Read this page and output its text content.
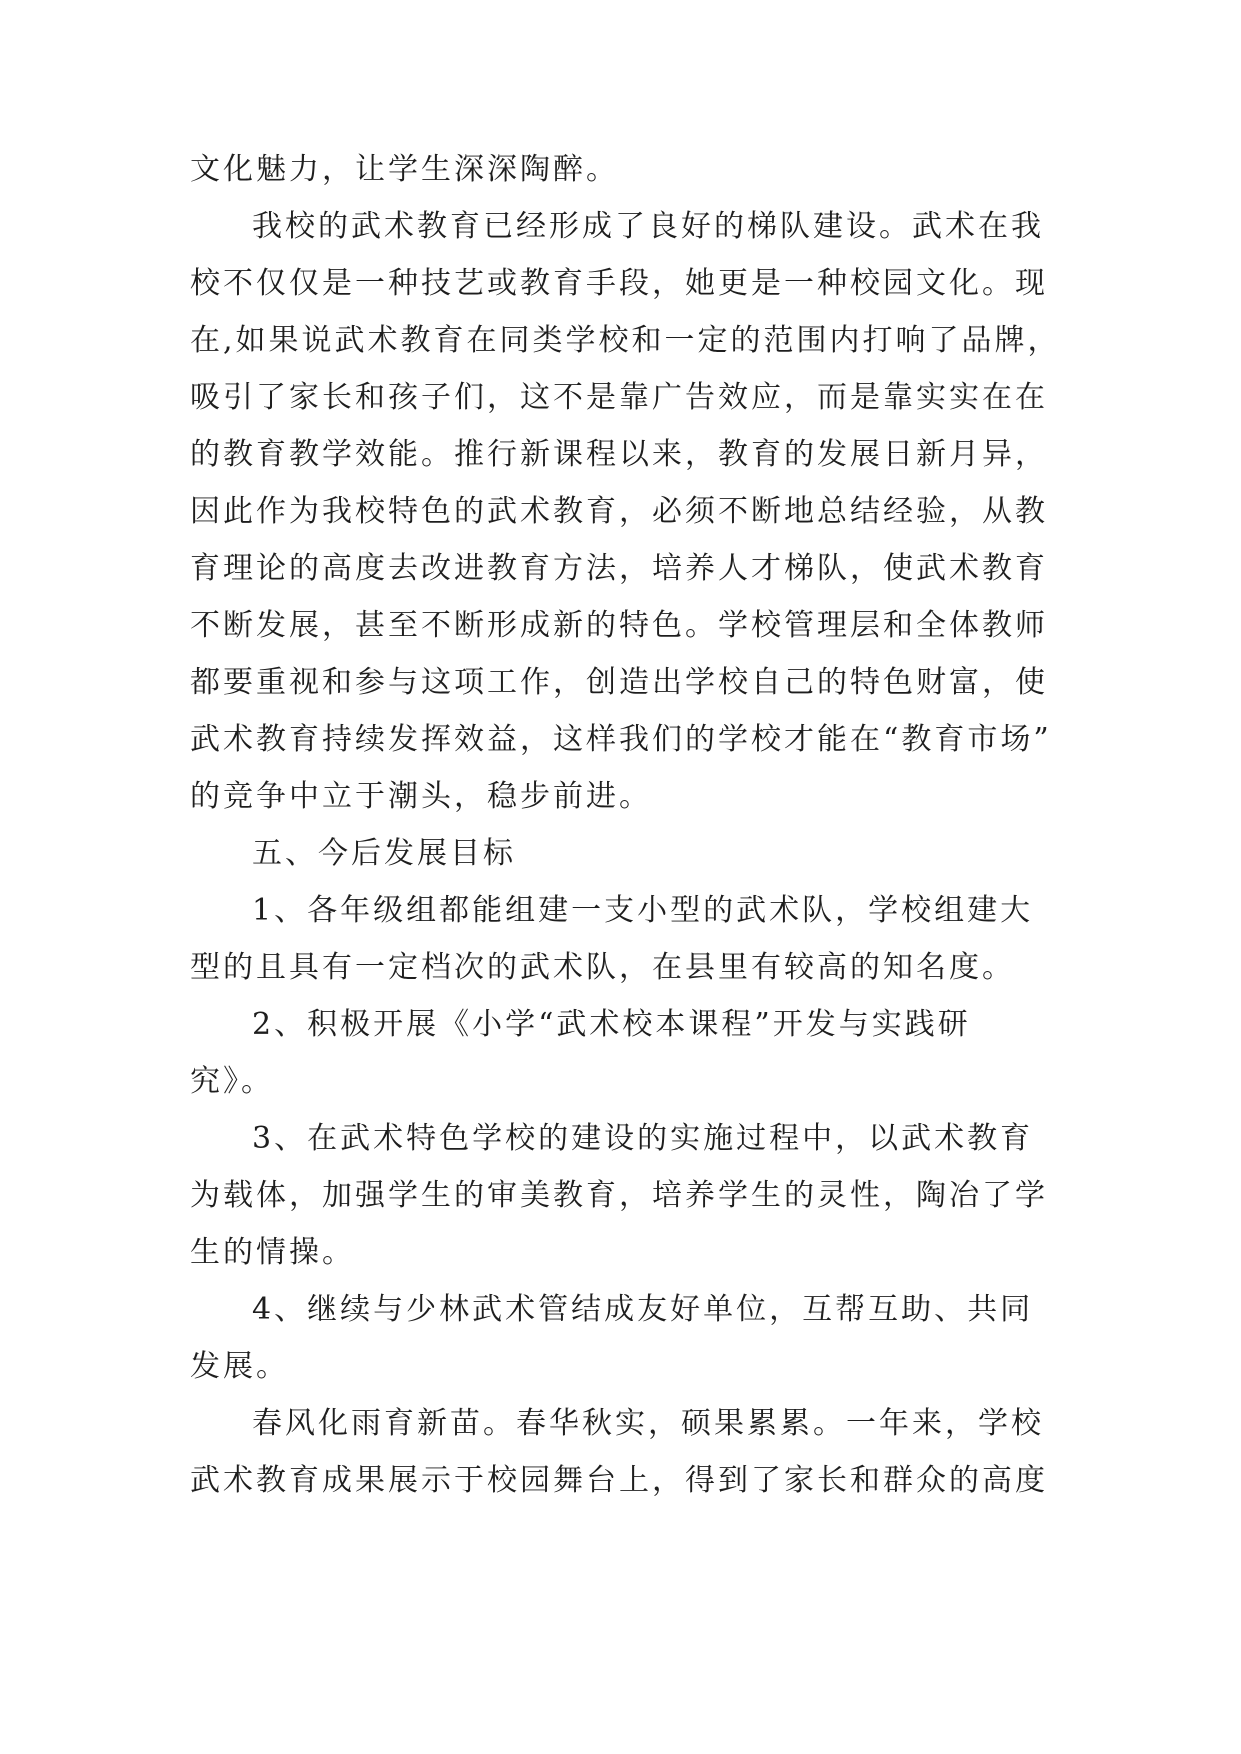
文化魅力，让学生深深陶醉。
我校的武术教育已经形成了良好的梯队建设。武术在我
校不仅仅是一种技艺或教育手段，她更是一种校园文化。现
在,如果说武术教育在同类学校和一定的范围内打响了品牌，
吸引了家长和孩子们，这不是靠广告效应，而是靠实实在在
的教育教学效能。推行新课程以来，教育的发展日新月异，
因此作为我校特色的武术教育，必须不断地总结经验，从教
育理论的高度去改进教育方法，培养人才梯队，使武术教育
不断发展，甚至不断形成新的特色。学校管理层和全体教师
都要重视和参与这项工作，创造出学校自己的特色财富，使
武术教育持续发挥效益，这样我们的学校才能在“教育市场”
的竞争中立于潮头，稳步前进。
五、今后发展目标
1、各年级组都能组建一支小型的武术队，学校组建大
型的且具有一定档次的武术队，在县里有较高的知名度。
2、积极开展《小学“武术校本课程”开发与实践研
究》。
3、在武术特色学校的建设的实施过程中，以武术教育
为载体，加强学生的审美教育，培养学生的灵性，陶冶了学
生的情操。
4、继续与少林武术管结成友好单位，互帮互助、共同
发展。
春风化雨育新苗。春华秋实，硕果累累。一年来，学校
武术教育成果展示于校园舞台上，得到了家长和群众的高度
